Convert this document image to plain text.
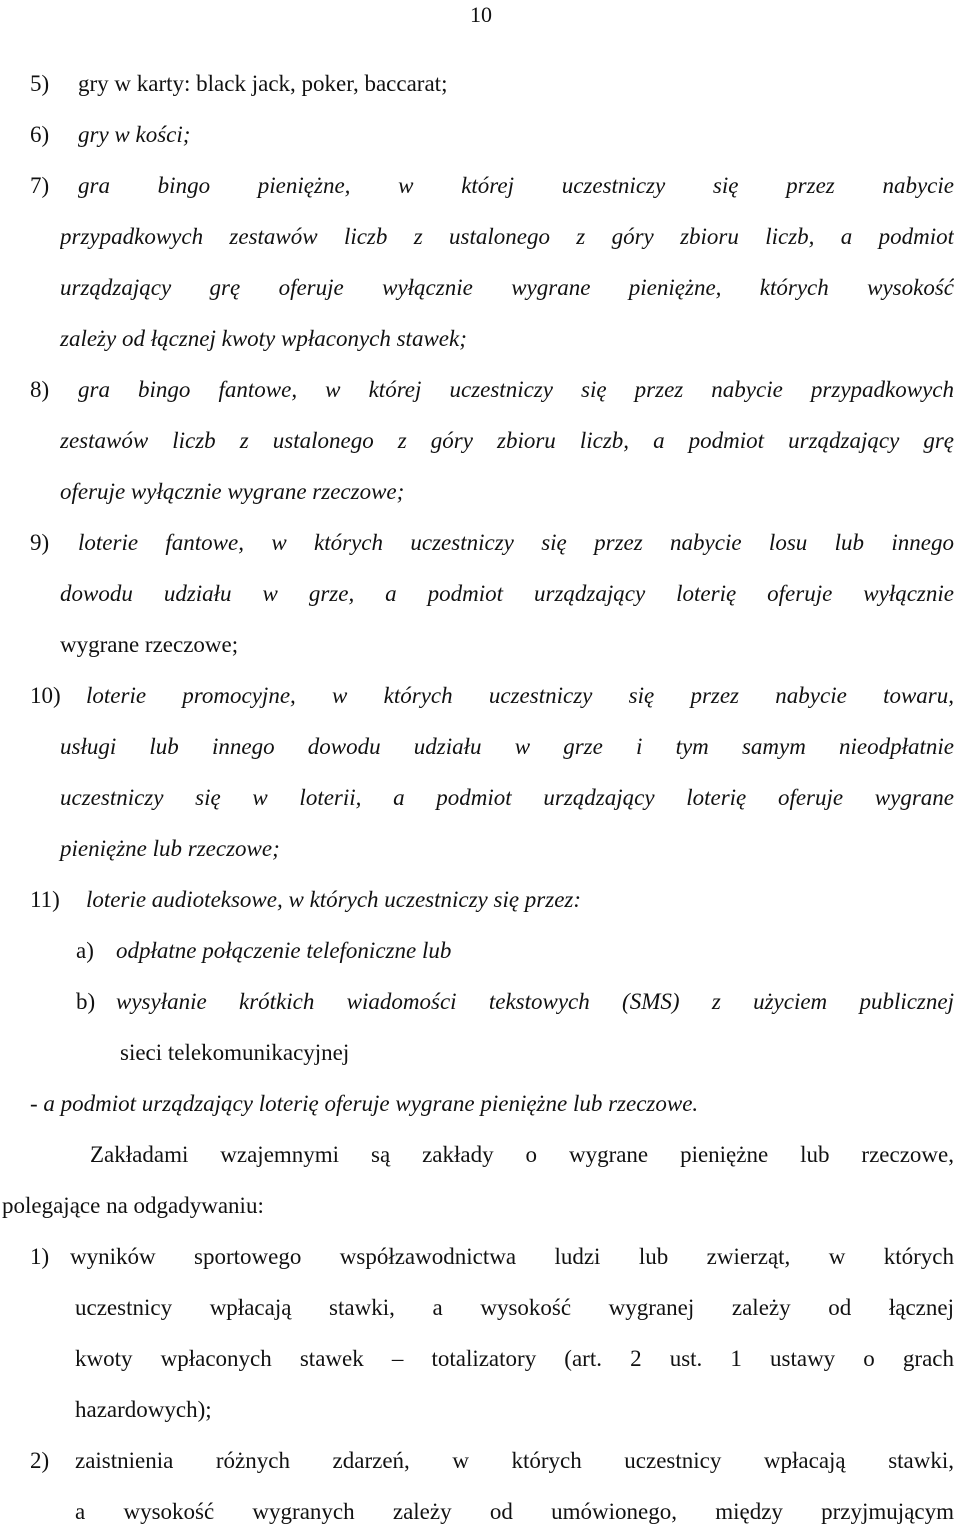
10
5) gry w karty: black jack, poker, baccarat;
6) gry w kości;
7) gra bingo pieniężne, w której uczestniczy się przez nabycie
przypadkowych zestawów liczb z ustalonego z góry zbioru liczb, a podmiot
urządzający grę oferuje wyłącznie wygrane pieniężne, których wysokość
zależy od łącznej kwoty wpłaconych stawek;
8) gra bingo fantowe, w której uczestniczy się przez nabycie przypadkowych
zestawów liczb z ustalonego z góry zbioru liczb, a podmiot urządzający grę
oferuje wyłącznie wygrane rzeczowe;
9) loterie fantowe, w których uczestniczy się przez nabycie losu lub innego
dowodu udziału w grze, a podmiot urządzający loterię oferuje wyłącznie
wygrane rzeczowe;
10) loterie promocyjne, w których uczestniczy się przez nabycie towaru,
usługi lub innego dowodu udziału w grze i tym samym nieodpłatnie
uczestniczy się w loterii, a podmiot urządzający loterię oferuje wygrane
pieniężne lub rzeczowe;
11) loterie audioteksowe, w których uczestniczy się przez:
a) odpłatne połączenie telefoniczne lub
b) wysyłanie krótkich wiadomości tekstowych (SMS) z użyciem publicznej
sieci telekomunikacyjnej
- a podmiot urządzający loterię oferuje wygrane pieniężne lub rzeczowe.
Zakładami wzajemnymi są zakłady o wygrane pieniężne lub rzeczowe,
polegające na odgadywaniu:
1) wyników sportowego współzawodnictwa ludzi lub zwierząt, w których
uczestnicy wpłacają stawki, a wysokość wygranej zależy od łącznej
kwoty wpłaconych stawek – totalizatory (art. 2 ust. 1 ustawy o grach
hazardowych);
2) zaistnienia różnych zdarzeń, w których uczestnicy wpłacają stawki,
a wysokość wygranych zależy od umówionego, między przyjmującym
